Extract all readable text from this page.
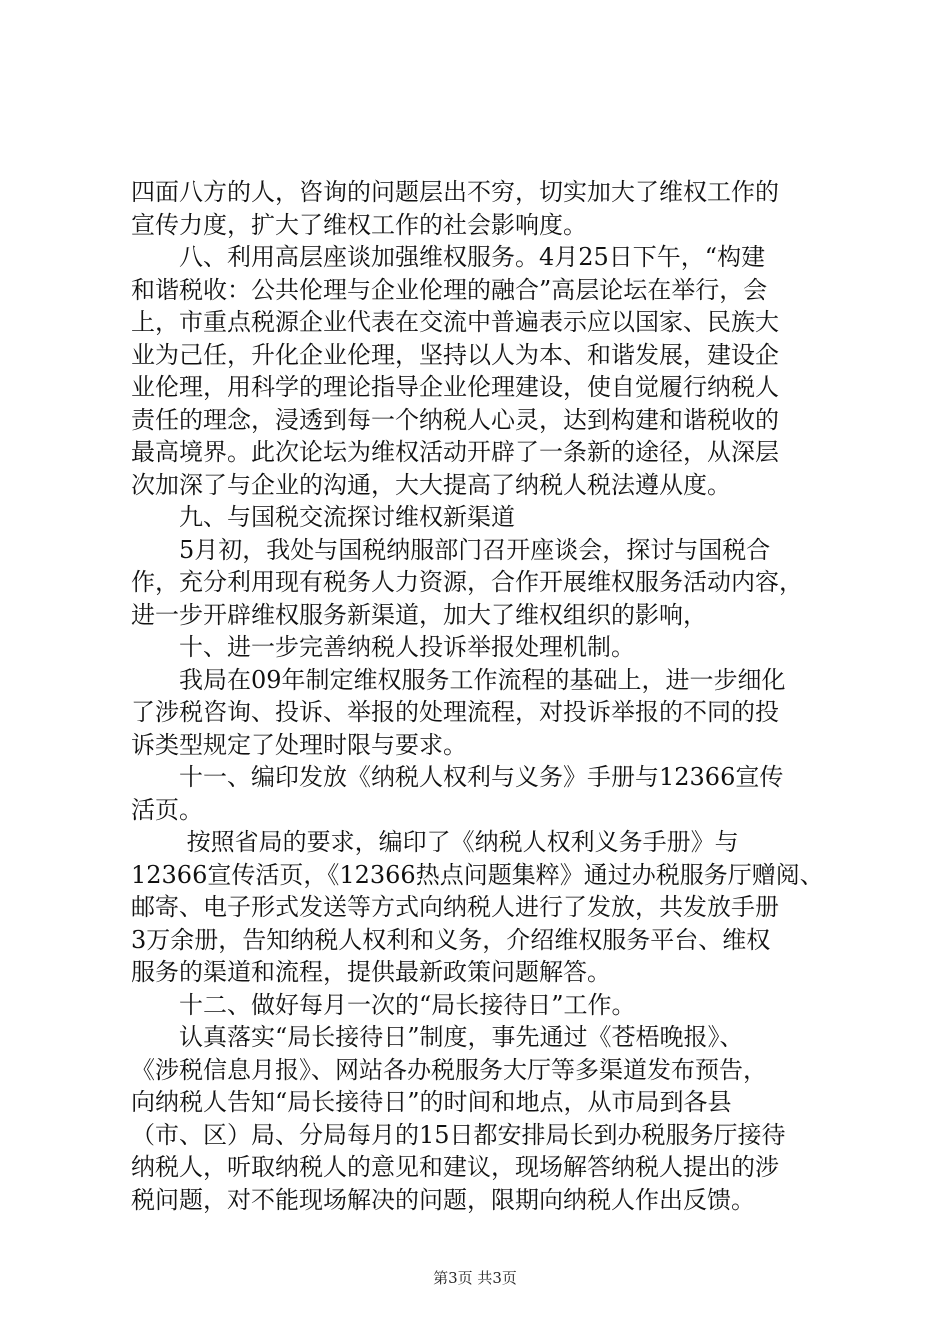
四面八方的人，咨询的问题层出不穷，切实加大了维权工作的
宣传力度，扩大了维权工作的社会影响度。
　　八、利用高层座谈加强维权服务。4月25日下午，“构建
和谐税收：公共伦理与企业伦理的融合”高层论坛在举行，会
上，市重点税源企业代表在交流中普遍表示应以国家、民族大
业为己任，升化企业伦理，坚持以人为本、和谐发展，建设企
业伦理，用科学的理论指导企业伦理建设，使自觉履行纳税人
责任的理念，浸透到每一个纳税人心灵，达到构建和谐税收的
最高境界。此次论坛为维权活动开辟了一条新的途径，从深层
次加深了与企业的沟通，大大提高了纳税人税法遵从度。
　　九、与国税交流探讨维权新渠道
　　5月初，我处与国税纳服部门召开座谈会，探讨与国税合
作，充分利用现有税务人力资源，合作开展维权服务活动内容，
进一步开辟维权服务新渠道，加大了维权组织的影响，
　　十、进一步完善纳税人投诉举报处理机制。
　　我局在09年制定维权服务工作流程的基础上，进一步细化
了涉税咨询、投诉、举报的处理流程，对投诉举报的不同的投
诉类型规定了处理时限与要求。
　　十一、编印发放《纳税人权利与义务》手册与12366宣传
活页。
　　 按照省局的要求，编印了《纳税人权利义务手册》与
12366宣传活页，《12366热点问题集粹》通过办税服务厅赠阅、
邮寄、电子形式发送等方式向纳税人进行了发放，共发放手册
3万余册，告知纳税人权利和义务，介绍维权服务平台、维权
服务的渠道和流程，提供最新政策问题解答。
　　十二、做好每月一次的“局长接待日”工作。
　　认真落实“局长接待日”制度，事先通过《苍梧晚报》、
《涉税信息月报》、网站各办税服务大厅等多渠道发布预告，
向纳税人告知“局长接待日”的时间和地点，从市局到各县
（市、区）局、分局每月的15日都安排局长到办税服务厅接待
纳税人，听取纳税人的意见和建议，现场解答纳税人提出的涉
税问题，对不能现场解决的问题，限期向纳税人作出反馈。
第3页 共3页
